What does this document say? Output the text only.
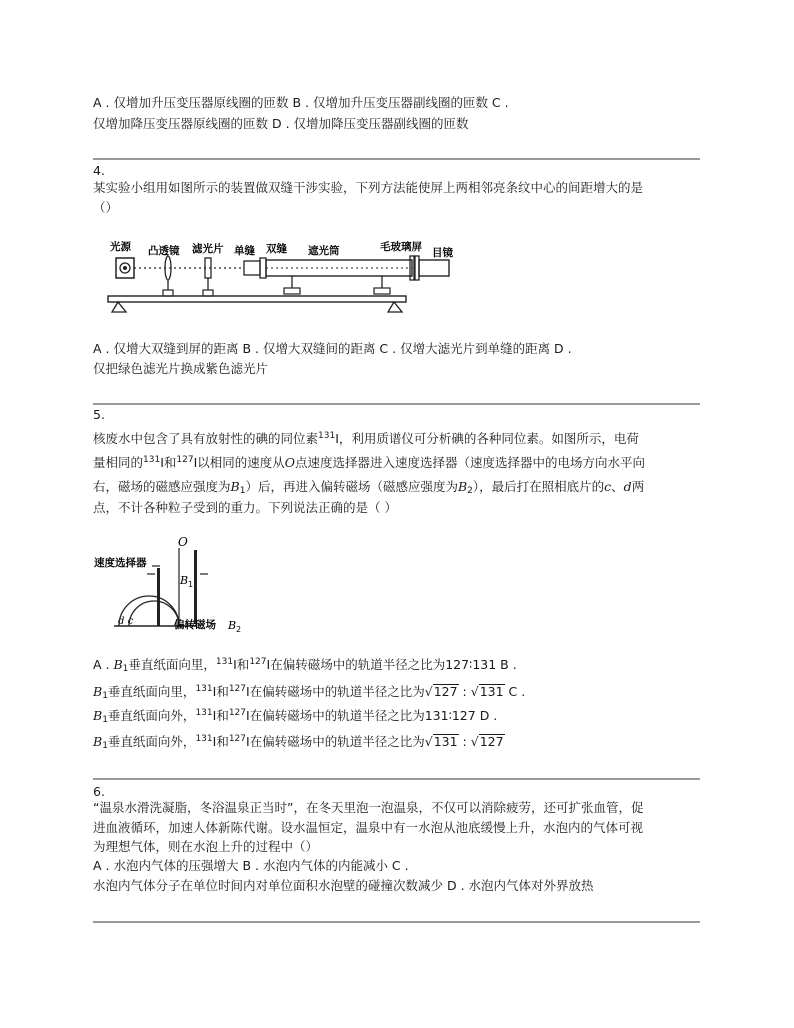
A . 仅增加升压变压器原线圈的匝数 B . 仅增加升压变压器副线圈的匝数 C .
仅增加降压变压器原线圈的匝数 D . 仅增加降压变压器副线圈的匝数
4.
某实验小组用如图所示的装置做双缝干涉实验，下列方法能使屏上两相邻亮条纹中心的间距增大的是
（）
光源 凸透镜 滤光片 单缝 双缝 遮光筒	毛玻璃屏 目镜
A . 仅增大双缝到屏的距离 B . 仅增大双缝间的距离 C . 仅增大滤光片到单缝的距离 D .
仅把绿色滤光片换成紫色滤光片
5.
核废水中包含了具有放射性的碘的同位素$^{131}$I，利用质谱仪可分析碘的各种同位素。如图所示，电荷
量相同的$^{131}$I和$^{127}$I以相同的速度从O点速度选择器进入速度选择器（速度选择器中的电场方向水平向
右，磁场的磁感应强度为$B_1$）后，再进入偏转磁场（磁感应强度为$B_2$），最后打在照相底片的c、d两
点，不计各种粒子受到的重力。下列说法正确的是（ ）
速度选择器
O
B 1
d c	偏转磁场 B 2
A . $B_1$垂直纸面向里，$^{131}$I和$^{127}$I在偏转磁场中的轨道半径之比为127∶131 B .
$B_1$垂直纸面向里，$^{131}$I和$^{127}$I在偏转磁场中的轨道半径之比为√127 : √131 C .
$B_1$垂直纸面向外，$^{131}$I和$^{127}$I在偏转磁场中的轨道半径之比为131∶127 D .
$B_1$垂直纸面向外，$^{131}$I和$^{127}$I在偏转磁场中的轨道半径之比为√131 : √127
6.
“温泉水滑洗凝脂，冬浴温泉正当时”，在冬天里泡一泡温泉，不仅可以消除疲劳，还可扩张血管，促
进血液循环，加速人体新陈代谢。设水温恒定，温泉中有一水泡从池底缓慢上升，水泡内的气体可视
为理想气体，则在水泡上升的过程中（）
A . 水泡内气体的压强增大 B . 水泡内气体的内能减小 C .
水泡内气体分子在单位时间内对单位面积水泡壁的碰撞次数减少 D . 水泡内气体对外界放热
